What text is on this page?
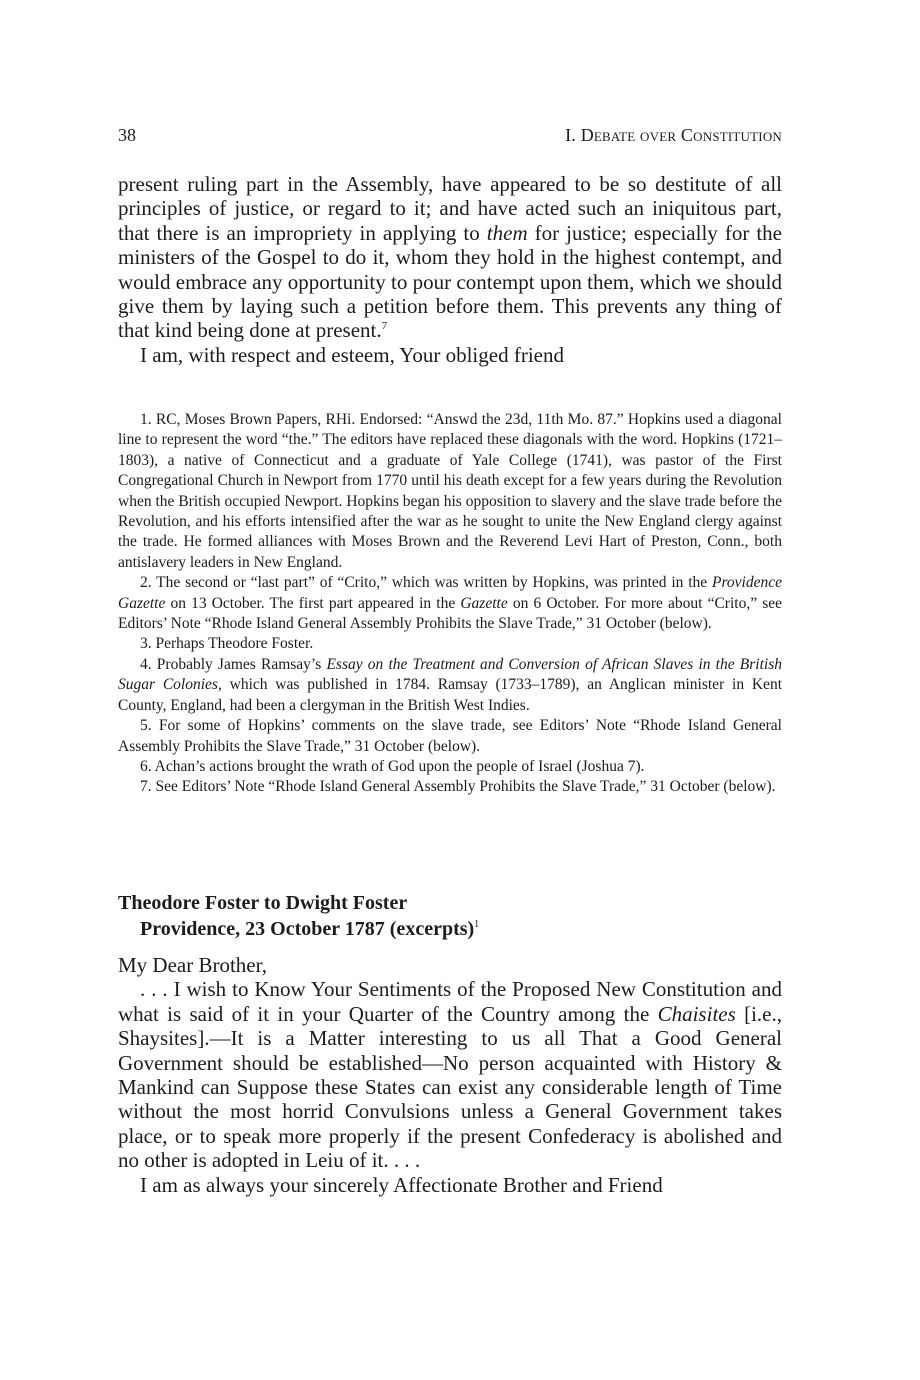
38	I. Debate over Constitution

present ruling part in the Assembly, have appeared to be so destitute of all principles of justice, or regard to it; and have acted such an iniquitous part, that there is an impropriety in applying to them for justice; especially for the ministers of the Gospel to do it, whom they hold in the highest contempt, and would embrace any opportunity to pour contempt upon them, which we should give them by laying such a petition before them. This prevents any thing of that kind being done at present.$^7$

I am, with respect and esteem, Your obliged friend

1. RC, Moses Brown Papers, RHi. Endorsed: “Answd the 23d, 11th Mo. 87.” Hopkins used a diagonal line to represent the word “the.” The editors have replaced these diagonals with the word. Hopkins (1721–1803), a native of Connecticut and a graduate of Yale College (1741), was pastor of the First Congregational Church in Newport from 1770 until his death except for a few years during the Revolution when the British occupied Newport. Hopkins began his opposition to slavery and the slave trade before the Revolution, and his efforts intensified after the war as he sought to unite the New England clergy against the trade. He formed alliances with Moses Brown and the Reverend Levi Hart of Preston, Conn., both antislavery leaders in New England.

2. The second or “last part” of “Crito,” which was written by Hopkins, was printed in the Providence Gazette on 13 October. The first part appeared in the Gazette on 6 October. For more about “Crito,” see Editors’ Note “Rhode Island General Assembly Prohibits the Slave Trade,” 31 October (below).

3. Perhaps Theodore Foster.

4. Probably James Ramsay’s Essay on the Treatment and Conversion of African Slaves in the British Sugar Colonies, which was published in 1784. Ramsay (1733–1789), an Anglican minister in Kent County, England, had been a clergyman in the British West Indies.

5. For some of Hopkins’ comments on the slave trade, see Editors’ Note “Rhode Island General Assembly Prohibits the Slave Trade,” 31 October (below).

6. Achan’s actions brought the wrath of God upon the people of Israel (Joshua 7).

7. See Editors’ Note “Rhode Island General Assembly Prohibits the Slave Trade,” 31 October (below).

Theodore Foster to Dwight Foster
Providence, 23 October 1787 (excerpts)$^1$

My Dear Brother,

. . . I wish to Know Your Sentiments of the Proposed New Constitution and what is said of it in your Quarter of the Country among the Chaisites [i.e., Shaysites].—It is a Matter interesting to us all That a Good General Government should be established—No person acquainted with History & Mankind can Suppose these States can exist any considerable length of Time without the most horrid Convulsions unless a General Government takes place, or to speak more properly if the present Confederacy is abolished and no other is adopted in Leiu of it. . . .

I am as always your sincerely Affectionate Brother and Friend
